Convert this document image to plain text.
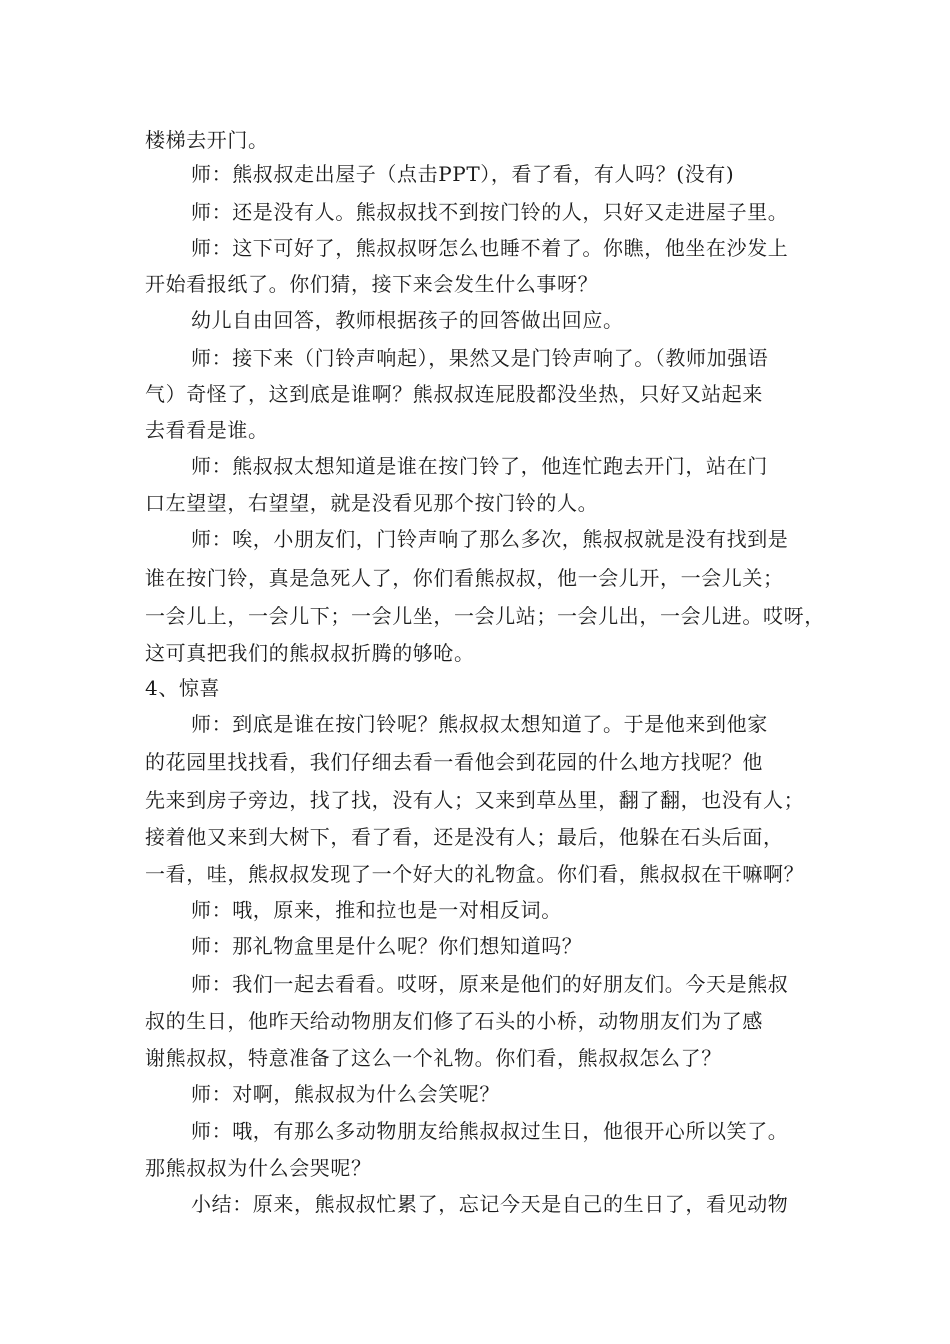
楼梯去开门。
师：熊叔叔走出屋子（点击PPT），看了看，有人吗？(没有)
师：还是没有人。熊叔叔找不到按门铃的人，只好又走进屋子里。
师：这下可好了，熊叔叔呀怎么也睡不着了。你瞧，他坐在沙发上
开始看报纸了。你们猜，接下来会发生什么事呀？
幼儿自由回答，教师根据孩子的回答做出回应。
师：接下来（门铃声响起），果然又是门铃声响了。（教师加强语
气）奇怪了，这到底是谁啊？熊叔叔连屁股都没坐热，只好又站起来
去看看是谁。
师：熊叔叔太想知道是谁在按门铃了，他连忙跑去开门，站在门
口左望望，右望望，就是没看见那个按门铃的人。
师：唉，小朋友们，门铃声响了那么多次，熊叔叔就是没有找到是
谁在按门铃，真是急死人了，你们看熊叔叔，他一会儿开，一会儿关；
一会儿上，一会儿下；一会儿坐，一会儿站；一会儿出，一会儿进。哎呀，
这可真把我们的熊叔叔折腾的够呛。
4、惊喜
师：到底是谁在按门铃呢？熊叔叔太想知道了。于是他来到他家
的花园里找找看，我们仔细去看一看他会到花园的什么地方找呢？他
先来到房子旁边，找了找，没有人；又来到草丛里，翻了翻，也没有人；
接着他又来到大树下，看了看，还是没有人；最后，他躲在石头后面，
一看，哇，熊叔叔发现了一个好大的礼物盒。你们看，熊叔叔在干嘛啊？
师：哦，原来，推和拉也是一对相反词。
师：那礼物盒里是什么呢？你们想知道吗？
师：我们一起去看看。哎呀，原来是他们的好朋友们。今天是熊叔
叔的生日，他昨天给动物朋友们修了石头的小桥，动物朋友们为了感
谢熊叔叔，特意准备了这么一个礼物。你们看，熊叔叔怎么了？
师：对啊，熊叔叔为什么会笑呢？
师：哦，有那么多动物朋友给熊叔叔过生日，他很开心所以笑了。
那熊叔叔为什么会哭呢？
小结：原来，熊叔叔忙累了，忘记今天是自己的生日了，看见动物
